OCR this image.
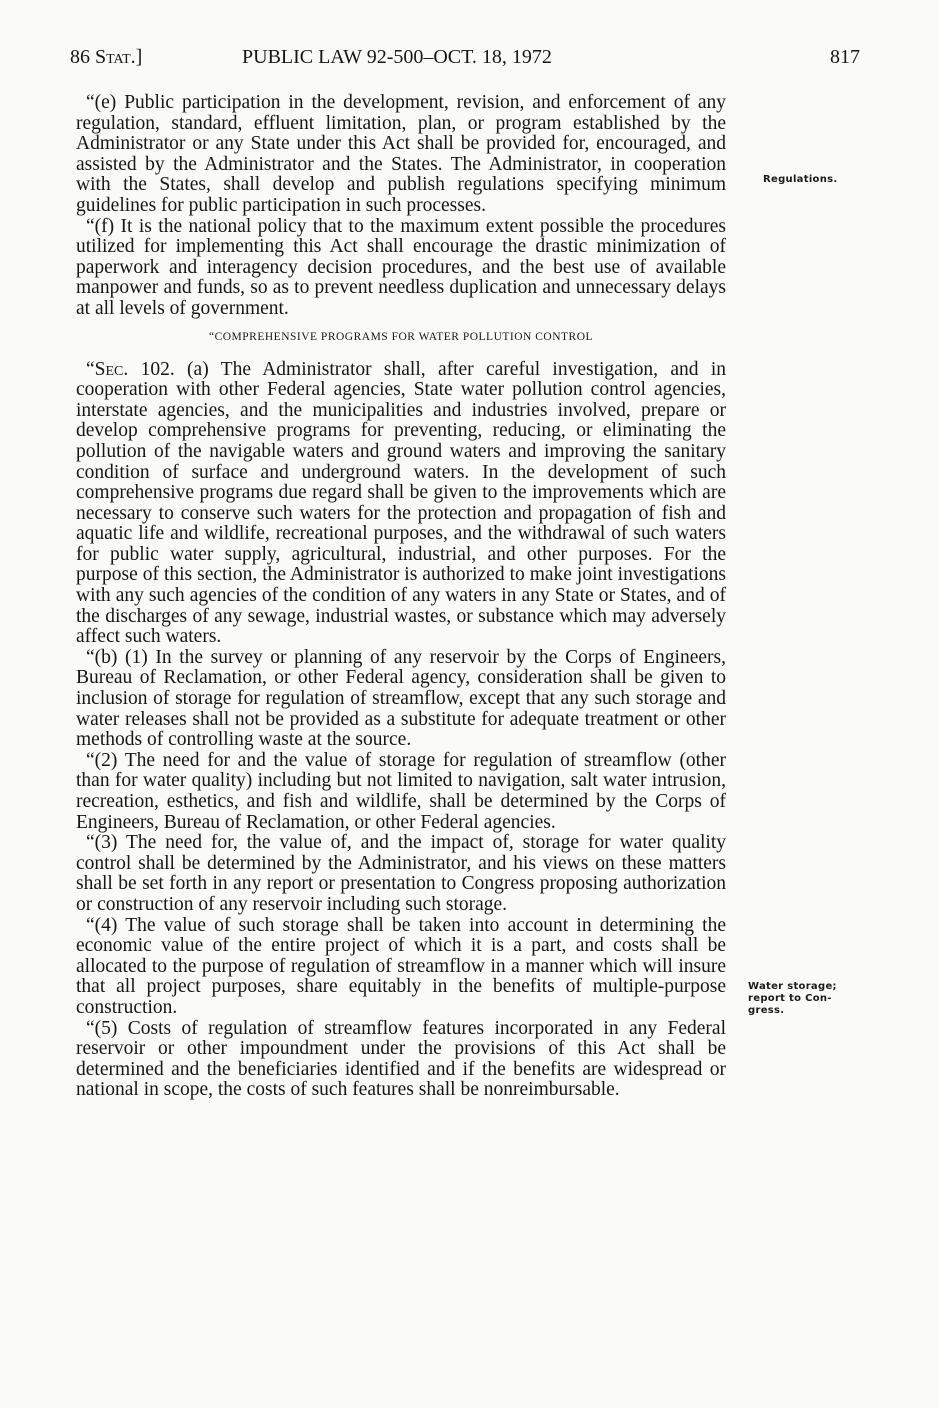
86 Stat.]	PUBLIC LAW 92-500–OCT. 18, 1972	817

“(e) Public participation in the development, revision, and enforcement of any regulation, standard, effluent limitation, plan, or program established by the Administrator or any State under this Act shall be provided for, encouraged, and assisted by the Administrator and the States. The Administrator, in cooperation with the States, shall develop and publish regulations specifying minimum guidelines for public participation in such processes.

“(f) It is the national policy that to the maximum extent possible the procedures utilized for implementing this Act shall encourage the drastic minimization of paperwork and interagency decision procedures, and the best use of available manpower and funds, so as to prevent needless duplication and unnecessary delays at all levels of government.

“COMPREHENSIVE PROGRAMS FOR WATER POLLUTION CONTROL

“Sec. 102. (a) The Administrator shall, after careful investigation, and in cooperation with other Federal agencies, State water pollution control agencies, interstate agencies, and the municipalities and industries involved, prepare or develop comprehensive programs for preventing, reducing, or eliminating the pollution of the navigable waters and ground waters and improving the sanitary condition of surface and underground waters. In the development of such comprehensive programs due regard shall be given to the improvements which are necessary to conserve such waters for the protection and propagation of fish and aquatic life and wildlife, recreational purposes, and the withdrawal of such waters for public water supply, agricultural, industrial, and other purposes. For the purpose of this section, the Administrator is authorized to make joint investigations with any such agencies of the condition of any waters in any State or States, and of the discharges of any sewage, industrial wastes, or substance which may adversely affect such waters.

“(b) (1) In the survey or planning of any reservoir by the Corps of Engineers, Bureau of Reclamation, or other Federal agency, consideration shall be given to inclusion of storage for regulation of streamflow, except that any such storage and water releases shall not be provided as a substitute for adequate treatment or other methods of controlling waste at the source.

“(2) The need for and the value of storage for regulation of streamflow (other than for water quality) including but not limited to navigation, salt water intrusion, recreation, esthetics, and fish and wildlife, shall be determined by the Corps of Engineers, Bureau of Reclamation, or other Federal agencies.

“(3) The need for, the value of, and the impact of, storage for water quality control shall be determined by the Administrator, and his views on these matters shall be set forth in any report or presentation to Congress proposing authorization or construction of any reservoir including such storage.

“(4) The value of such storage shall be taken into account in determining the economic value of the entire project of which it is a part, and costs shall be allocated to the purpose of regulation of streamflow in a manner which will insure that all project purposes, share equitably in the benefits of multiple-purpose construction.

“(5) Costs of regulation of streamflow features incorporated in any Federal reservoir or other impoundment under the provisions of this Act shall be determined and the beneficiaries identified and if the benefits are widespread or national in scope, the costs of such features shall be nonreimbursable.

Regulations.
Water storage;
report to Con-
gress.
